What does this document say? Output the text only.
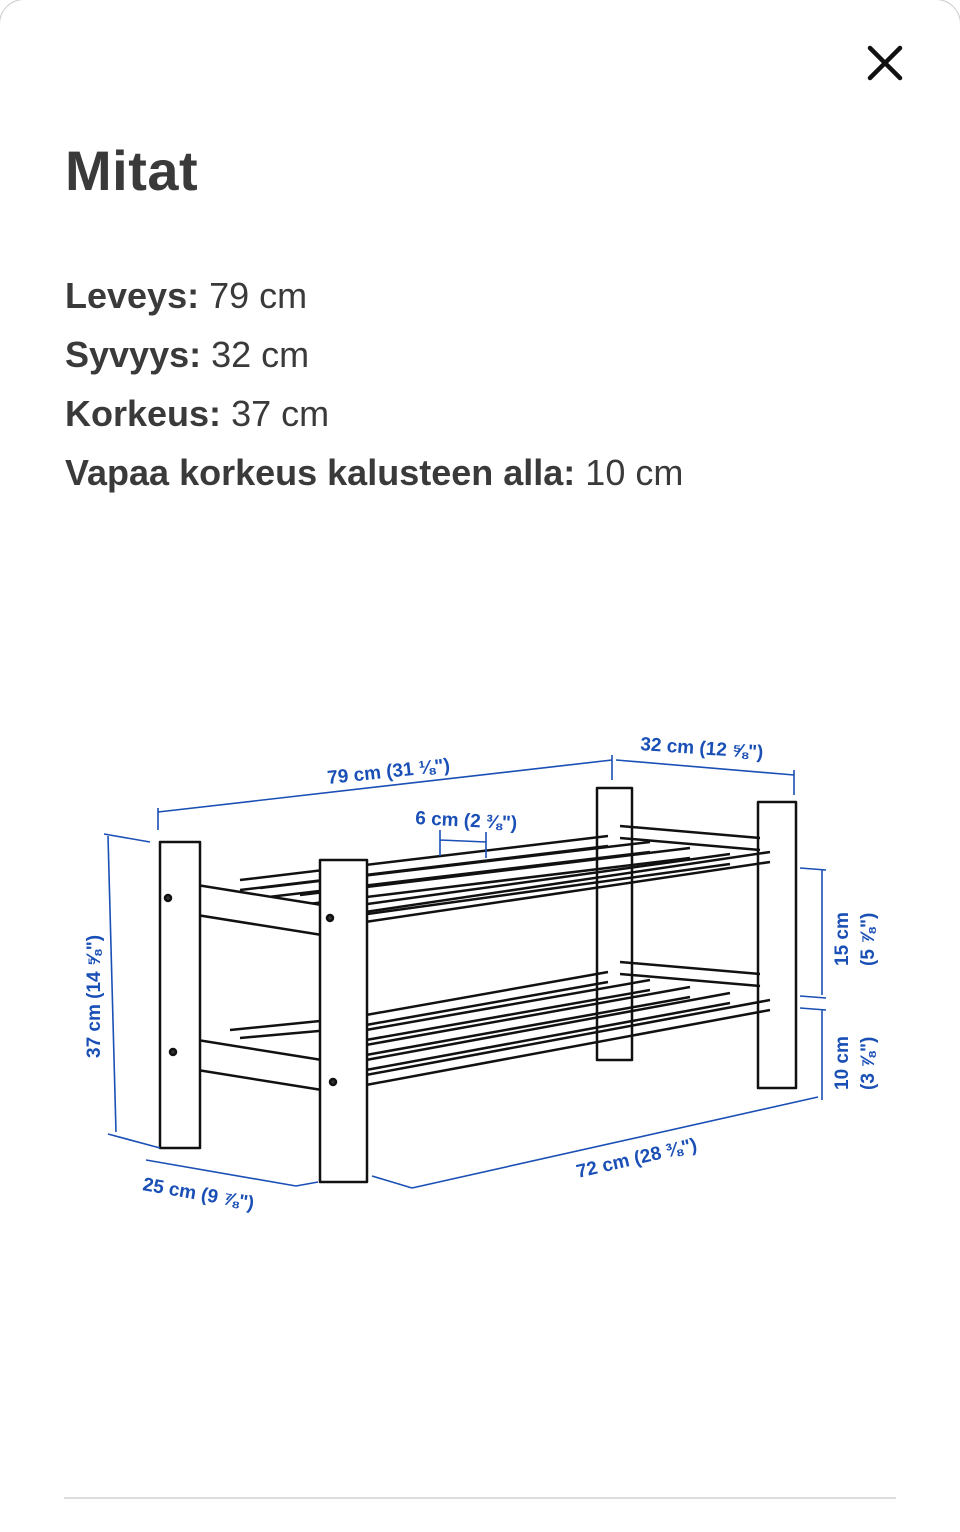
Mitat
Leveys: 79 cm
Syvyys: 32 cm
Korkeus: 37 cm
Vapaa korkeus kalusteen alla: 10 cm
79 cm (31 ⅛")
32 cm (12 ⅝")
6 cm (2 ⅜")
37 cm (14 ⅝")	15 cm (5 ⅞")
10 cm (3 ⅞")
25 cm (9 ⅞")
72 cm (28 ⅜")
